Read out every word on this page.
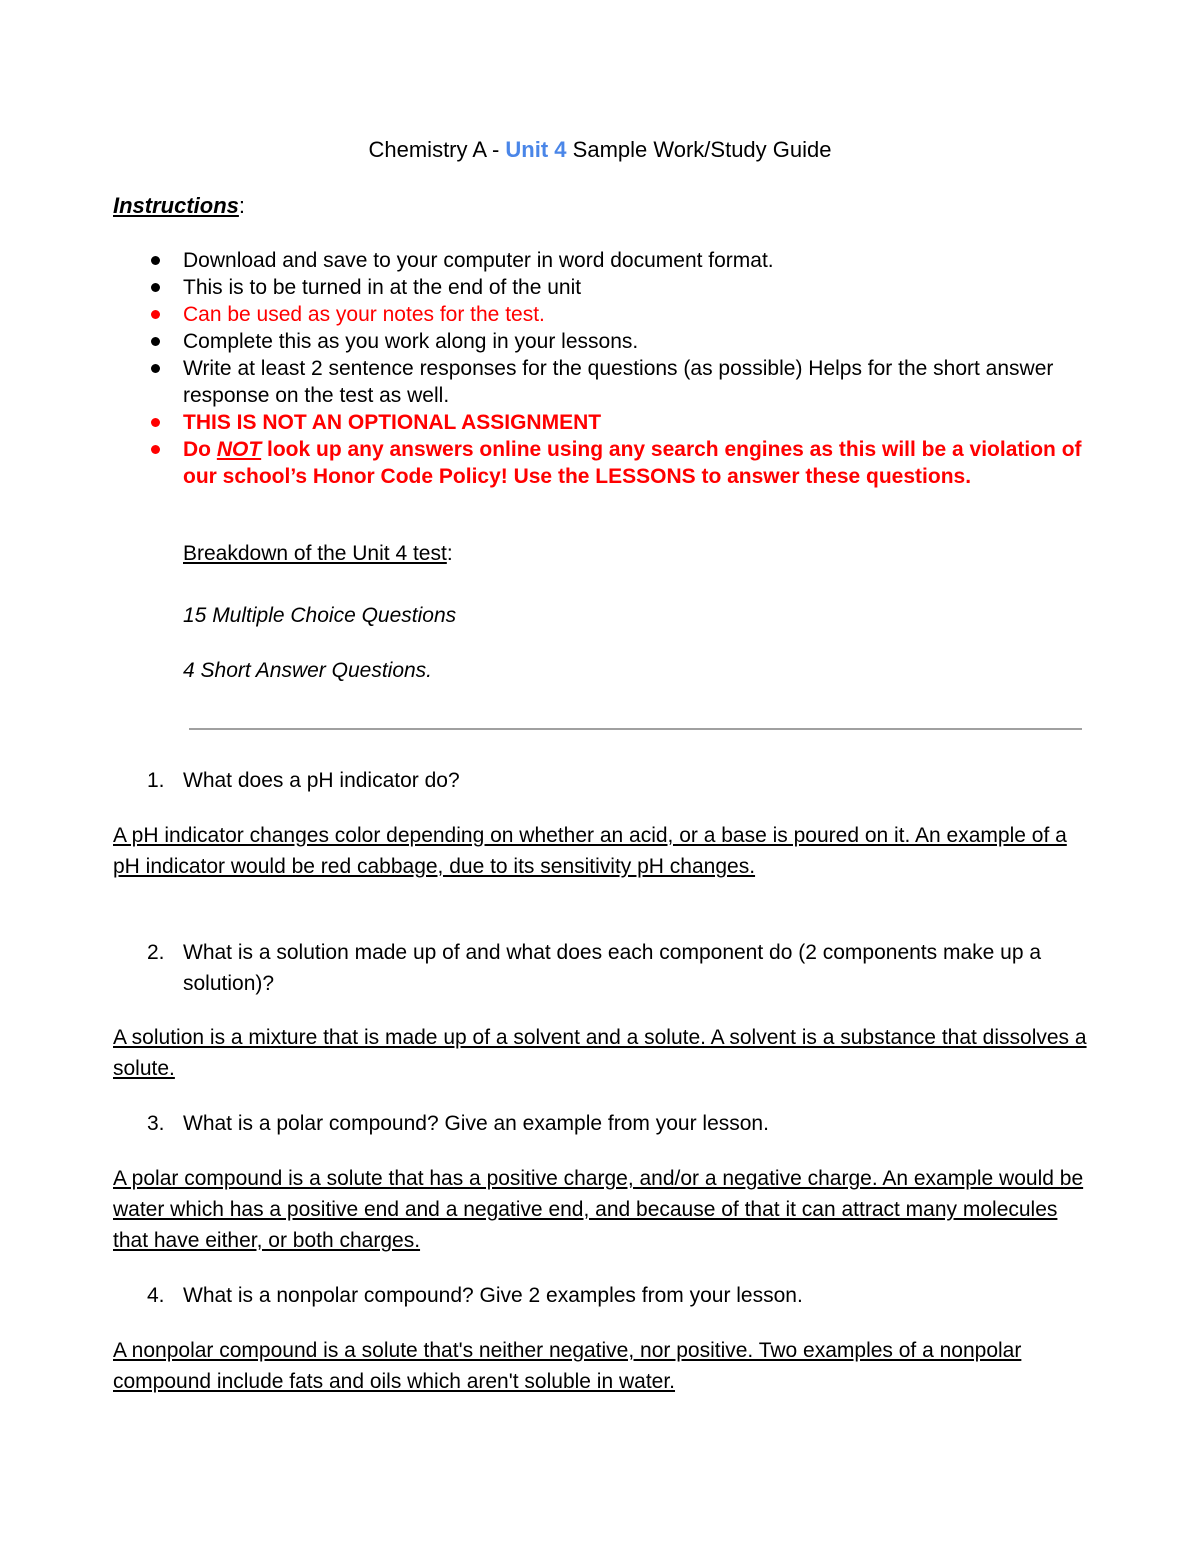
Chemistry A - Unit 4 Sample Work/Study Guide
Instructions:
Download and save to your computer in word document format.
This is to be turned in at the end of the unit
Can be used as your notes for the test.
Complete this as you work along in your lessons.
Write at least 2 sentence responses for the questions (as possible) Helps for the short answer response on the test as well.
THIS IS NOT AN OPTIONAL ASSIGNMENT
Do NOT look up any answers online using any search engines as this will be a violation of our school’s Honor Code Policy! Use the LESSONS to answer these questions.
Breakdown of the Unit 4 test:
15 Multiple Choice Questions
4 Short Answer Questions.
1. What does a pH indicator do?
A pH indicator changes color depending on whether an acid, or a base is poured on it. An example of a pH indicator would be red cabbage, due to its sensitivity pH changes.
2. What is a solution made up of and what does each component do (2 components make up a solution)?
A solution is a mixture that is made up of a solvent and a solute. A solvent is a substance that dissolves a solute.
3. What is a polar compound? Give an example from your lesson.
A polar compound is a solute that has a positive charge, and/or a negative charge. An example would be water which has a positive end and a negative end, and because of that it can attract many molecules that have either, or both charges.
4. What is a nonpolar compound? Give 2 examples from your lesson.
A nonpolar compound is a solute that's neither negative, nor positive. Two examples of a nonpolar compound include fats and oils which aren't soluble in water.
